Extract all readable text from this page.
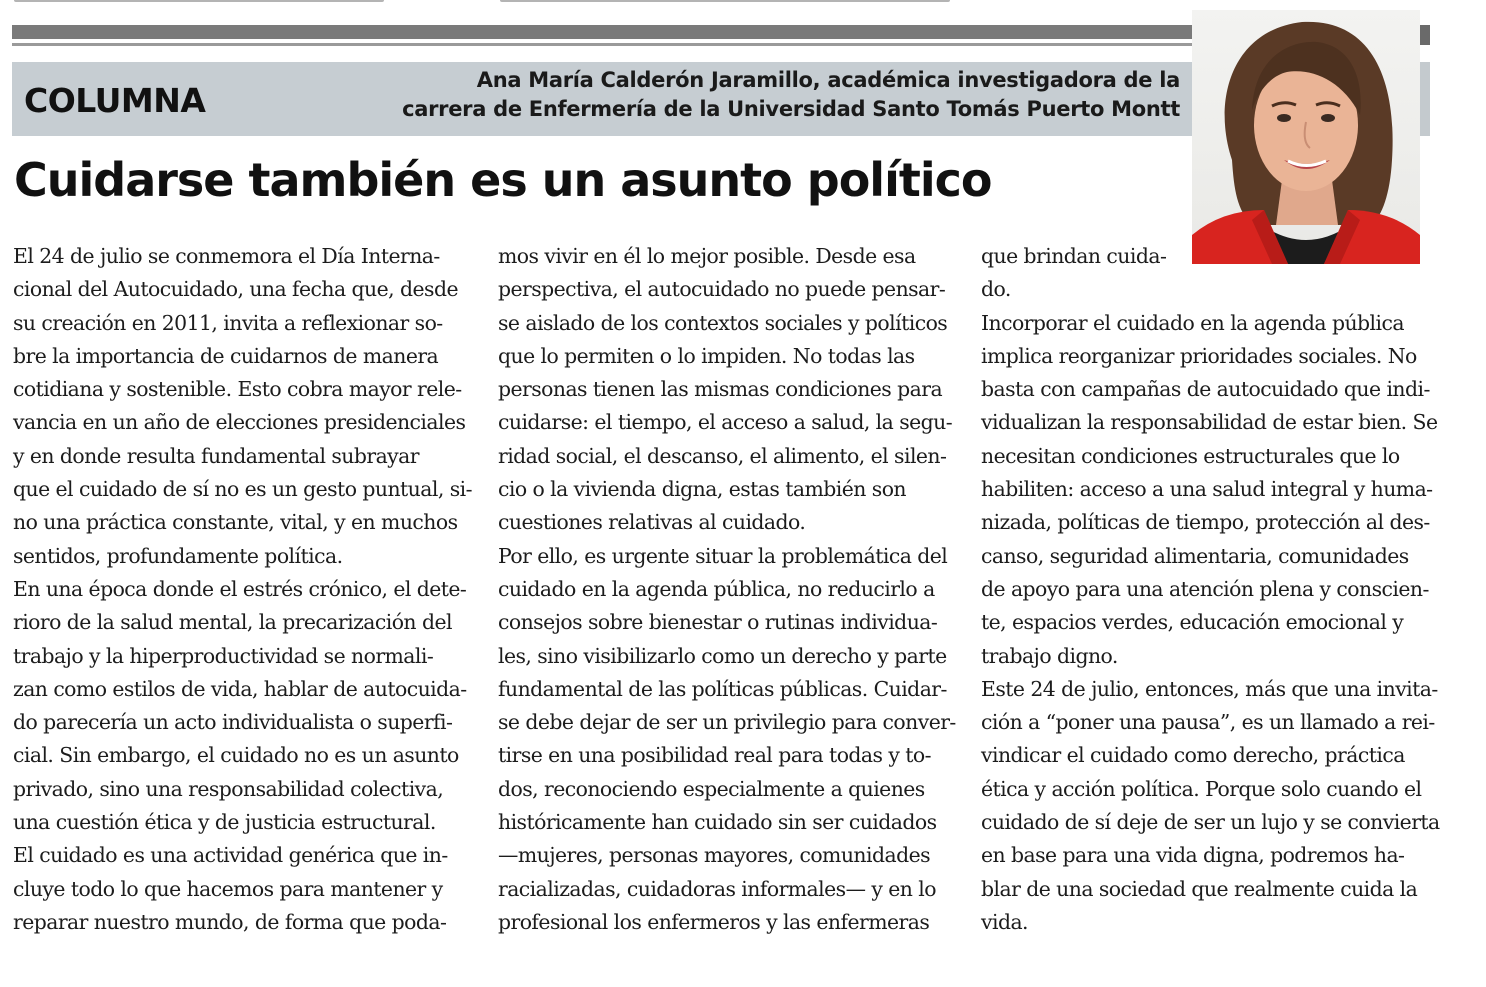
COLUMNA
Ana María Calderón Jaramillo, académica investigadora de la
carrera de Enfermería de la Universidad Santo Tomás Puerto Montt
Cuidarse también es un asunto político
El 24 de julio se conmemora el Día Interna-
cional del Autocuidado, una fecha que, desde
su creación en 2011, invita a reflexionar so-
bre la importancia de cuidarnos de manera
cotidiana y sostenible. Esto cobra mayor rele-
vancia en un año de elecciones presidenciales
y en donde resulta fundamental subrayar
que el cuidado de sí no es un gesto puntual, si-
no una práctica constante, vital, y en muchos
sentidos, profundamente política.
En una época donde el estrés crónico, el dete-
rioro de la salud mental, la precarización del
trabajo y la hiperproductividad se normali-
zan como estilos de vida, hablar de autocuida-
do parecería un acto individualista o superfi-
cial. Sin embargo, el cuidado no es un asunto
privado, sino una responsabilidad colectiva,
una cuestión ética y de justicia estructural.
El cuidado es una actividad genérica que in-
cluye todo lo que hacemos para mantener y
reparar nuestro mundo, de forma que poda-
mos vivir en él lo mejor posible. Desde esa
perspectiva, el autocuidado no puede pensar-
se aislado de los contextos sociales y políticos
que lo permiten o lo impiden. No todas las
personas tienen las mismas condiciones para
cuidarse: el tiempo, el acceso a salud, la segu-
ridad social, el descanso, el alimento, el silen-
cio o la vivienda digna, estas también son
cuestiones relativas al cuidado.
Por ello, es urgente situar la problemática del
cuidado en la agenda pública, no reducirlo a
consejos sobre bienestar o rutinas individua-
les, sino visibilizarlo como un derecho y parte
fundamental de las políticas públicas. Cuidar-
se debe dejar de ser un privilegio para conver-
tirse en una posibilidad real para todas y to-
dos, reconociendo especialmente a quienes
históricamente han cuidado sin ser cuidados
—mujeres, personas mayores, comunidades
racializadas, cuidadoras informales— y en lo
profesional los enfermeros y las enfermeras
que brindan cuida-
do.
Incorporar el cuidado en la agenda pública
implica reorganizar prioridades sociales. No
basta con campañas de autocuidado que indi-
vidualizan la responsabilidad de estar bien. Se
necesitan condiciones estructurales que lo
habiliten: acceso a una salud integral y huma-
nizada, políticas de tiempo, protección al des-
canso, seguridad alimentaria, comunidades
de apoyo para una atención plena y conscien-
te, espacios verdes, educación emocional y
trabajo digno.
Este 24 de julio, entonces, más que una invita-
ción a “poner una pausa”, es un llamado a rei-
vindicar el cuidado como derecho, práctica
ética y acción política. Porque solo cuando el
cuidado de sí deje de ser un lujo y se convierta
en base para una vida digna, podremos ha-
blar de una sociedad que realmente cuida la
vida.
